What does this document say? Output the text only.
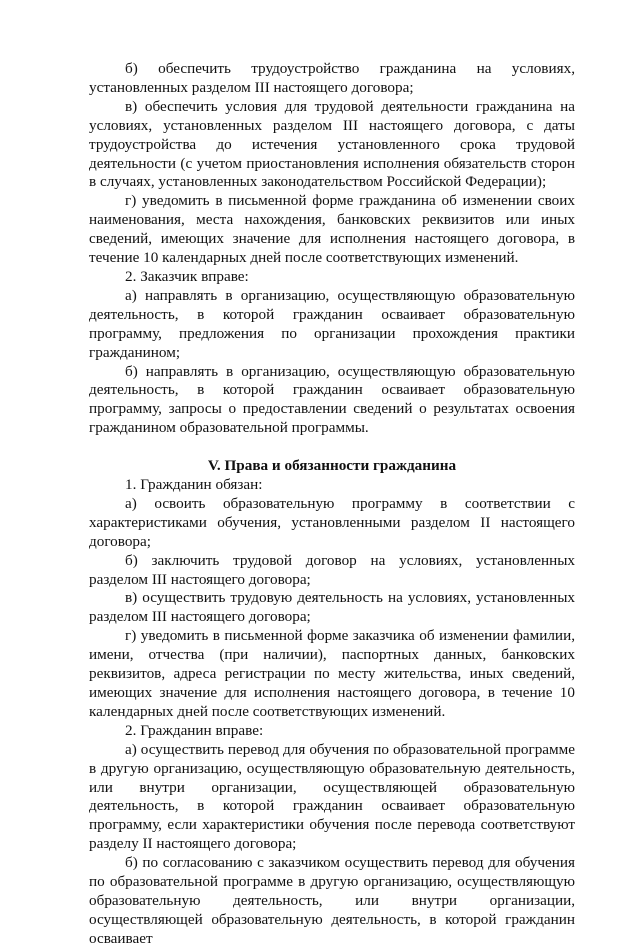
б) обеспечить трудоустройство гражданина на условиях, установленных разделом III настоящего договора;

в) обеспечить условия для трудовой деятельности гражданина на условиях, установленных разделом III настоящего договора, с даты трудоустройства до истечения установленного срока трудовой деятельности (с учетом приостановления исполнения обязательств сторон в случаях, установленных законодательством Российской Федерации);

г) уведомить в письменной форме гражданина об изменении своих наименования, места нахождения, банковских реквизитов или иных сведений, имеющих значение для исполнения настоящего договора, в течение 10 календарных дней после соответствующих изменений.

2. Заказчик вправе:

а) направлять в организацию, осуществляющую образовательную деятельность, в которой гражданин осваивает образовательную программу, предложения по организации прохождения практики гражданином;

б) направлять в организацию, осуществляющую образовательную деятельность, в которой гражданин осваивает образовательную программу, запросы о предоставлении сведений о результатах освоения гражданином образовательной программы.

V. Права и обязанности гражданина

1. Гражданин обязан:

а) освоить образовательную программу в соответствии с характеристиками обучения, установленными разделом II настоящего договора;

б) заключить трудовой договор на условиях, установленных разделом III настоящего договора;

в) осуществить трудовую деятельность на условиях, установленных разделом III настоящего договора;

г) уведомить в письменной форме заказчика об изменении фамилии, имени, отчества (при наличии), паспортных данных, банковских реквизитов, адреса регистрации по месту жительства, иных сведений, имеющих значение для исполнения настоящего договора, в течение 10 календарных дней после соответствующих изменений.

2. Гражданин вправе:

а) осуществить перевод для обучения по образовательной программе в другую организацию, осуществляющую образовательную деятельность, или внутри организации, осуществляющей образовательную деятельность, в которой гражданин осваивает образовательную программу, если характеристики обучения после перевода соответствуют разделу II настоящего договора;

б) по согласованию с заказчиком осуществить перевод для обучения по образовательной программе в другую организацию, осуществляющую образовательную деятельность, или внутри организации, осуществляющей образовательную деятельность, в которой гражданин осваивает
